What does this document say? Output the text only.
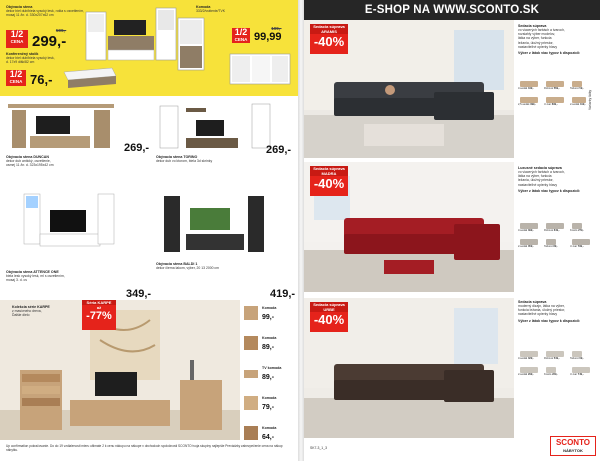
Obývacia stena
dekor biel dub/biela vysoký lesk, rošta s osvetlením,
mosaj 11 /kr. d. 330x207x62 cm
1/2
CENA
599,-
299,-
Konferenčný stolík
dekor biel dub/biela vysoký lesk,
d. 17x9 dišk/82 cm
1/2
CENA 76,-
Komoda
333/2/vrátenie/TVK
1/2
CENA
199,-
99,99
Obývacia stena DUNCAN
dekor dub antický, osvetlenie,
osmej 11 /kr. d. 323x195x42 cm
269,-
Obývacia stena TORINO
dekor dub vo ktorom, biela 3d skrinky
269,-
Obývacia stena ATTENCE ONE
biela lesk vysoký lesk, ml s osvetlením,
mosaj 3. d. cs
349,-
Obývacia stena BALDI 1
dekor čierna lakom, výber, 20 13 2000 cm
419,-
Kolekcia série KARPE
z masívneho dreva,
Ďalšie dielo
Séria KARPE
až
-77%
Komoda
99,-
Komoda
89,-
TV komoda
89,-
Komoda
79,-
Komoda
64,-
Up confirmation pokračovanie. Do do 19 vzdialenosti mieru ultimate 2 k cenu nákupu na nákupe v obchodoch spoločnosti SCONTO tvoja skupiny najlepšie Prevádzky zabezpečenie cena na nákup nábytku.
E-SHOP NA WWW.SCONTO.SK
Sedacia súprava ARAMIS
-40%
Sedacia súprava
vo viacerých farbách a tvaroch,
rozsiahly výber modelov,
látka na výber, funkcia
ležania, úložný priestor,
nastaviteľné opierky hlavy
Výber z látok viac typov k dispozícii:
3-sedák 349,-	Rohová 569,-	Taburet 59,-
2,5-sedák 399,-	U-tvar 699,-	2-sedák 319,-
Sedacia súprava MADRA
-40%
Luxusné sedacia súprava
vo viacerých farbách a tvaroch,
látka na výber, funkcia
ležania, úložný priestor,
nastaviteľné opierky hlavy
Výber z látok viac typov k dispozícii:
3-sedák 399,-	Rohová 649,-	Kreslo 279,-
2-sedák 359,-	Taburet 89,-	U-tvar 799,-
Sedacia súprava URBE
-40%
Sedacia súprava
moderný dizajn, látka na výber,
funkcia ležania, úložný priestor,
nastaviteľné opierky hlavy
Výber z látok viac typov k dispozícii:
3-sedák 329,-	Rohová 549,-	Taburet 69,-
2-sedák 299,-	Kreslo 229,-	U-tvar 749,-
Varianty látky
SK7-3_1_3
SCONTO
NÁBYTOK
